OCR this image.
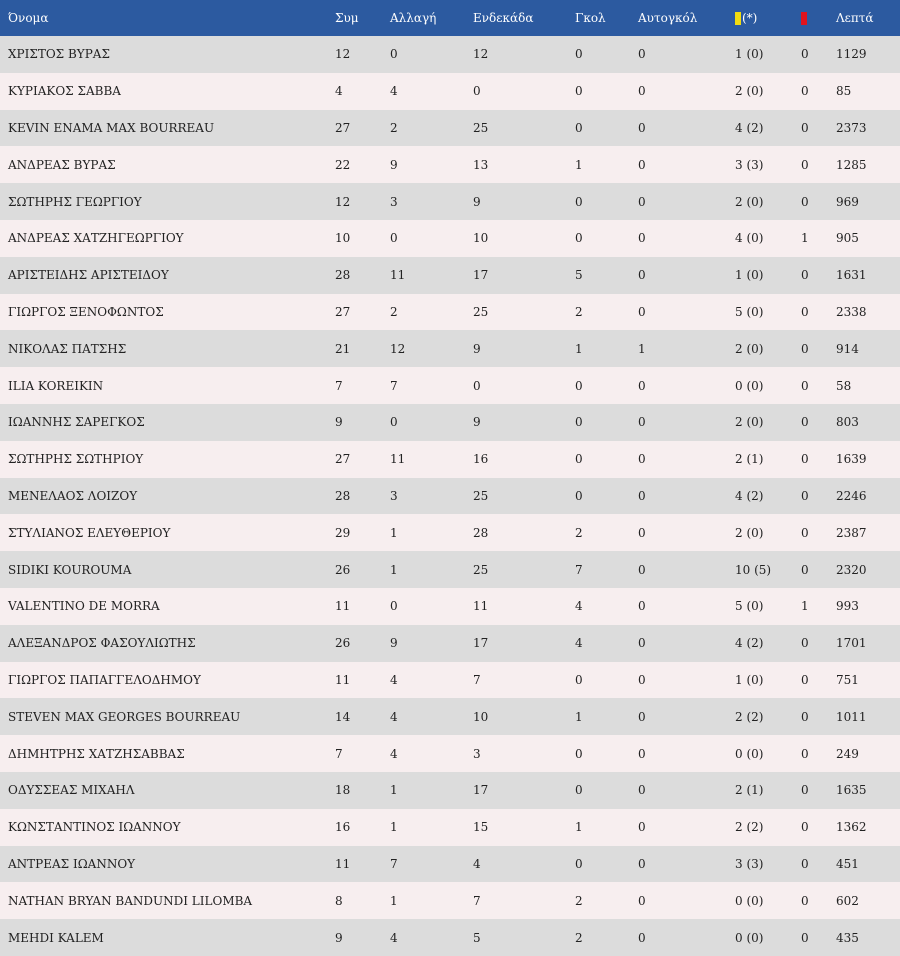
Όνομα	Συμ	Αλλαγή	Ενδεκάδα	Γκολ	Αυτογκόλ	(*)		Λεπτά
ΧΡΙΣΤΟΣ ΒΥΡΑΣ	12	0	12	0	0	1 (0)	0	1129
ΚΥΡΙΑΚΟΣ ΣΑΒΒΑ	4	4	0	0	0	2 (0)	0	85
KEVIN ENAMA MAX BOURREAU	27	2	25	0	0	4 (2)	0	2373
ΑΝΔΡΕΑΣ ΒΥΡΑΣ	22	9	13	1	0	3 (3)	0	1285
ΣΩΤΗΡΗΣ ΓΕΩΡΓΙΟΥ	12	3	9	0	0	2 (0)	0	969
ΑΝΔΡΕΑΣ ΧΑΤΖΗΓΕΩΡΓΙΟΥ	10	0	10	0	0	4 (0)	1	905
ΑΡΙΣΤΕΙΔΗΣ ΑΡΙΣΤΕΙΔΟΥ	28	11	17	5	0	1 (0)	0	1631
ΓΙΩΡΓΟΣ ΞΕΝΟΦΩΝΤΟΣ	27	2	25	2	0	5 (0)	0	2338
ΝΙΚΟΛΑΣ ΠΑΤΣΗΣ	21	12	9	1	1	2 (0)	0	914
ILIA KOREIKIN	7	7	0	0	0	0 (0)	0	58
ΙΩΑΝΝΗΣ ΣΑΡΕΓΚΟΣ	9	0	9	0	0	2 (0)	0	803
ΣΩΤΗΡΗΣ ΣΩΤΗΡΙΟΥ	27	11	16	0	0	2 (1)	0	1639
ΜΕΝΕΛΑΟΣ ΛΟΙΖΟΥ	28	3	25	0	0	4 (2)	0	2246
ΣΤΥΛΙΑΝΟΣ ΕΛΕΥΘΕΡΙΟΥ	29	1	28	2	0	2 (0)	0	2387
SIDIKI KOUROUMA	26	1	25	7	0	10 (5)	0	2320
VALENTINO DE MORRA	11	0	11	4	0	5 (0)	1	993
ΑΛΕΞΑΝΔΡΟΣ ΦΑΣΟΥΛΙΩΤΗΣ	26	9	17	4	0	4 (2)	0	1701
ΓΙΩΡΓΟΣ ΠΑΠΑΓΓΕΛΟΔΗΜΟΥ	11	4	7	0	0	1 (0)	0	751
STEVEN MAX GEORGES BOURREAU	14	4	10	1	0	2 (2)	0	1011
ΔΗΜΗΤΡΗΣ ΧΑΤΖΗΣΑΒΒΑΣ	7	4	3	0	0	0 (0)	0	249
ΟΔΥΣΣΕΑΣ ΜΙΧΑΗΛ	18	1	17	0	0	2 (1)	0	1635
ΚΩΝΣΤΑΝΤΙΝΟΣ ΙΩΑΝΝΟΥ	16	1	15	1	0	2 (2)	0	1362
ΑΝΤΡΕΑΣ ΙΩΑΝΝΟΥ	11	7	4	0	0	3 (3)	0	451
NATHAN BRYAN BANDUNDI LILOMBA	8	1	7	2	0	0 (0)	0	602
MEHDI KALEM	9	4	5	2	0	0 (0)	0	435
